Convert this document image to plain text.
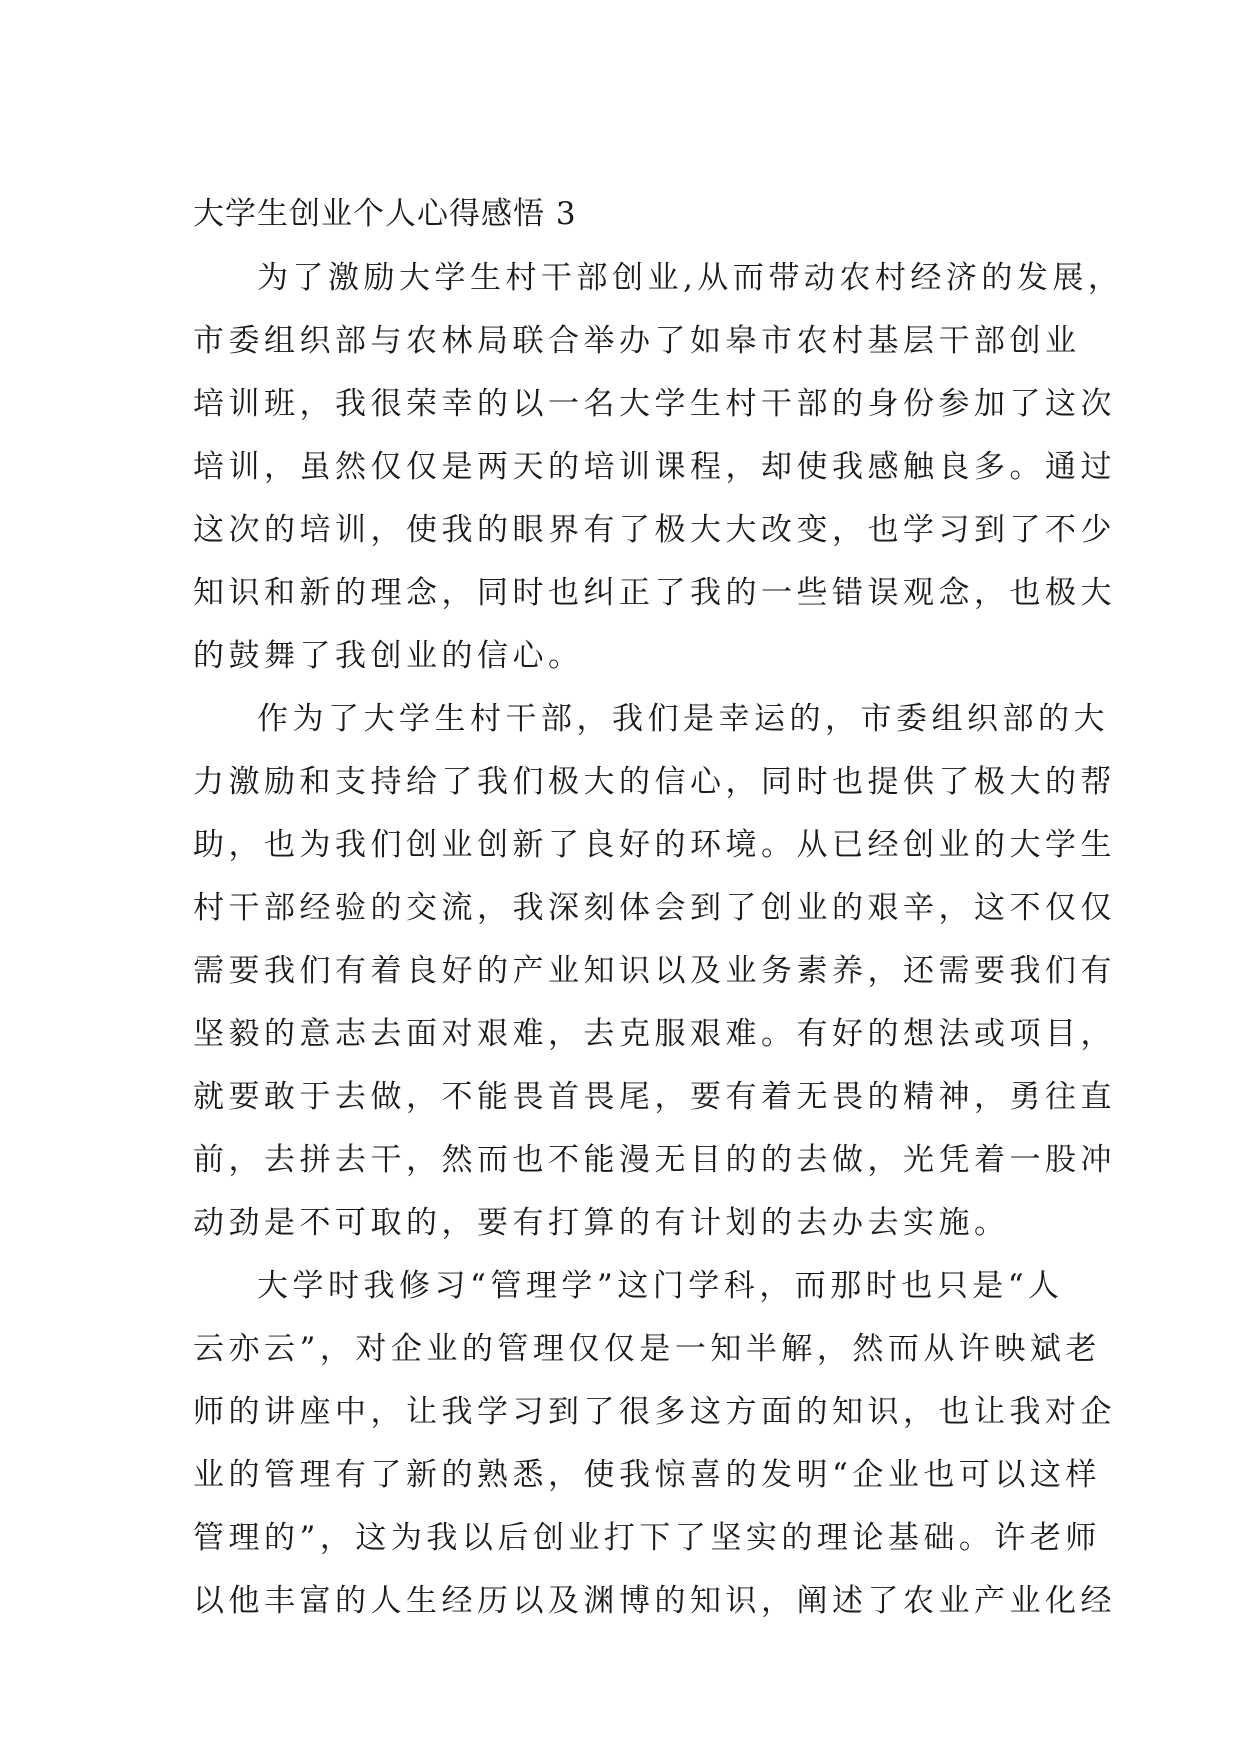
大学生创业个人心得感悟 3
为了激励大学生村干部创业,从而带动农村经济的发展，
市委组织部与农林局联合举办了如皋市农村基层干部创业
培训班，我很荣幸的以一名大学生村干部的身份参加了这次
培训，虽然仅仅是两天的培训课程，却使我感触良多。通过
这次的培训，使我的眼界有了极大大改变，也学习到了不少
知识和新的理念，同时也纠正了我的一些错误观念，也极大
的鼓舞了我创业的信心。
作为了大学生村干部，我们是幸运的，市委组织部的大
力激励和支持给了我们极大的信心，同时也提供了极大的帮
助，也为我们创业创新了良好的环境。从已经创业的大学生
村干部经验的交流，我深刻体会到了创业的艰辛，这不仅仅
需要我们有着良好的产业知识以及业务素养，还需要我们有
坚毅的意志去面对艰难，去克服艰难。有好的想法或项目，
就要敢于去做，不能畏首畏尾，要有着无畏的精神，勇往直
前，去拼去干，然而也不能漫无目的的去做，光凭着一股冲
动劲是不可取的，要有打算的有计划的去办去实施。
大学时我修习“管理学”这门学科，而那时也只是“人
云亦云”，对企业的管理仅仅是一知半解，然而从许映斌老
师的讲座中，让我学习到了很多这方面的知识，也让我对企
业的管理有了新的熟悉，使我惊喜的发明“企业也可以这样
管理的”，这为我以后创业打下了坚实的理论基础。许老师
以他丰富的人生经历以及渊博的知识，阐述了农业产业化经
